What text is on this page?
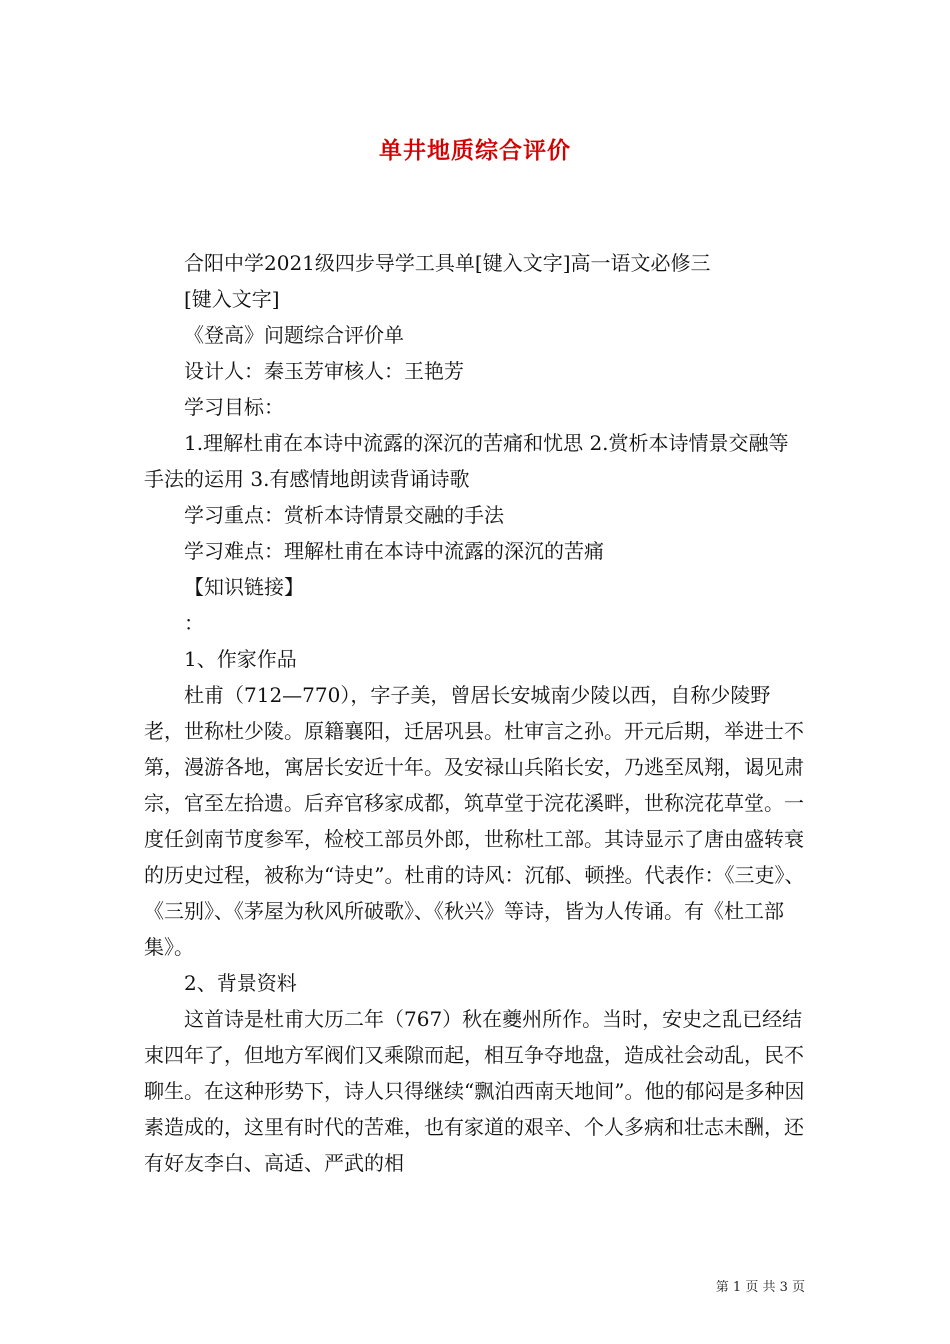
单井地质综合评价

合阳中学2021级四步导学工具单[键入文字]高一语文必修三

[键入文字]

《登高》问题综合评价单

设计人：秦玉芳审核人：王艳芳

学习目标：

1.理解杜甫在本诗中流露的深沉的苦痛和忧思 2.赏析本诗情景交融等手法的运用 3.有感情地朗读背诵诗歌

学习重点：赏析本诗情景交融的手法

学习难点：理解杜甫在本诗中流露的深沉的苦痛

【知识链接】

：

1、作家作品

杜甫（712—770），字子美，曾居长安城南少陵以西，自称少陵野老，世称杜少陵。原籍襄阳，迁居巩县。杜审言之孙。开元后期，举进士不第，漫游各地，寓居长安近十年。及安禄山兵陷长安，乃逃至凤翔，谒见肃宗，官至左拾遗。后弃官移家成都，筑草堂于浣花溪畔，世称浣花草堂。一度任剑南节度参军，检校工部员外郎，世称杜工部。其诗显示了唐由盛转衰的历史过程，被称为“诗史”。杜甫的诗风：沉郁、顿挫。代表作：《三吏》、《三别》、《茅屋为秋风所破歌》、《秋兴》等诗，皆为人传诵。有《杜工部集》。

2、背景资料

这首诗是杜甫大历二年（767）秋在夔州所作。当时，安史之乱已经结束四年了，但地方军阀们又乘隙而起，相互争夺地盘，造成社会动乱，民不聊生。在这种形势下，诗人只得继续“飘泊西南天地间”。他的郁闷是多种因素造成的，这里有时代的苦难，也有家道的艰辛、个人多病和壮志未酬，还有好友李白、高适、严武的相

第 1 页 共 3 页
